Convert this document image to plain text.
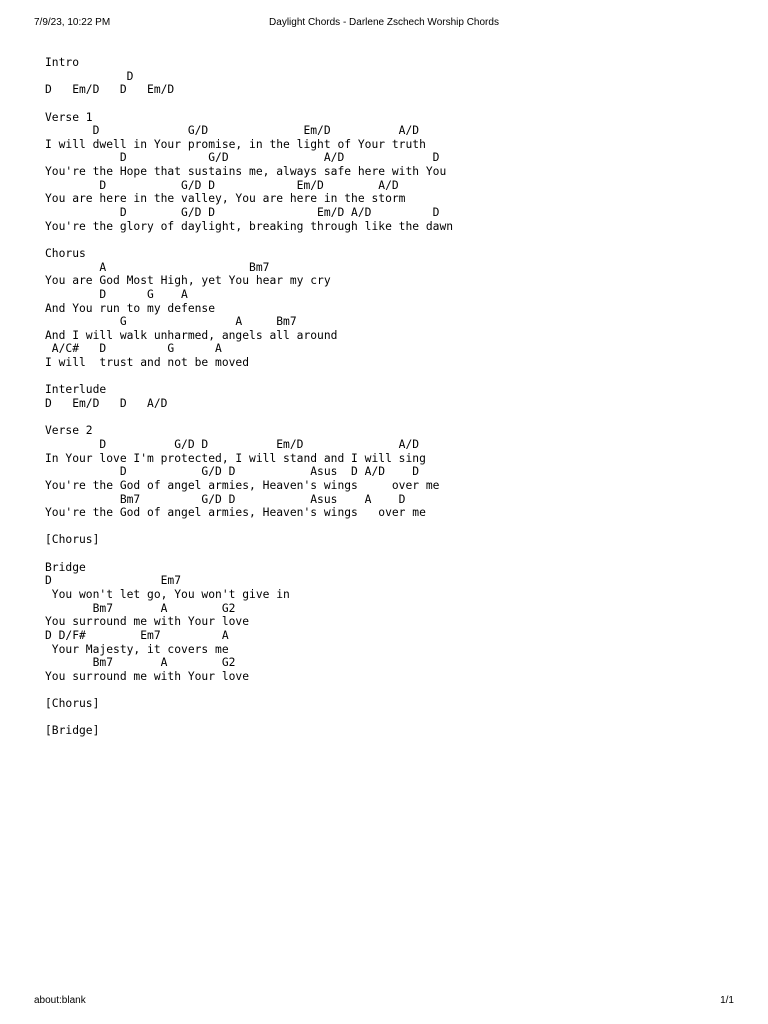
7/9/23, 10:22 PM	Daylight Chords - Darlene Zschech Worship Chords
Intro
D
D   Em/D   D   Em/D
Verse 1
D             G/D              Em/D          A/D
I will dwell in Your promise, in the light of Your truth
D            G/D              A/D             D
You're the Hope that sustains me, always safe here with You
D           G/D D            Em/D        A/D
You are here in the valley, You are here in the storm
D        G/D D               Em/D A/D         D
You're the glory of daylight, breaking through like the dawn
Chorus
A                     Bm7
You are God Most High, yet You hear my cry
D      G    A
And You run to my defense
G                A     Bm7
And I will walk unharmed, angels all around
A/C#   D         G      A
I will  trust and not be moved
Interlude
D   Em/D   D   A/D
Verse 2
D          G/D D          Em/D              A/D
In Your love I'm protected, I will stand and I will sing
D           G/D D           Asus  D A/D    D
You're the God of angel armies, Heaven's wings     over me
Bm7         G/D D           Asus    A    D
You're the God of angel armies, Heaven's wings   over me
[Chorus]
Bridge
D                Em7
You won't let go, You won't give in
Bm7       A        G2
You surround me with Your love
D D/F#        Em7         A
Your Majesty, it covers me
Bm7       A        G2
You surround me with Your love
[Chorus]
[Bridge]
about:blank	1/1
